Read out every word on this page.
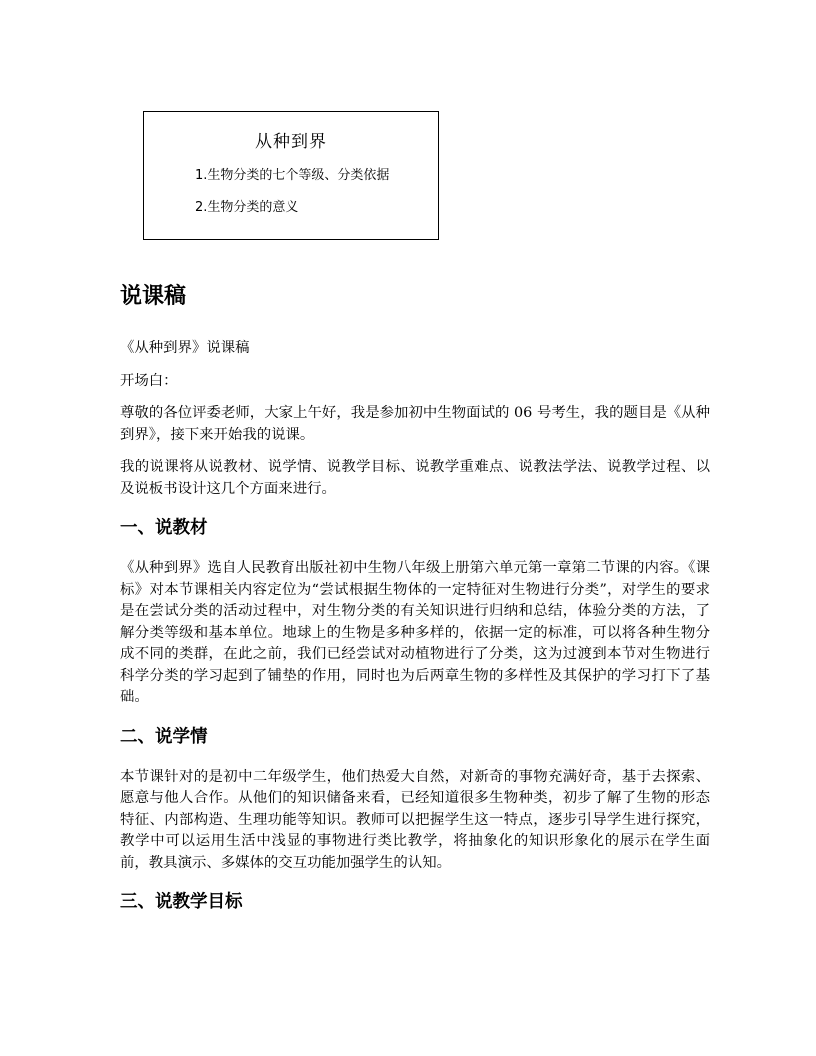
从种到界
1.生物分类的七个等级、分类依据
2.生物分类的意义
说课稿

《从种到界》说课稿

开场白：

尊敬的各位评委老师，大家上午好，我是参加初中生物面试的 06 号考生，我的题目是《从种到界》，接下来开始我的说课。

我的说课将从说教材、说学情、说教学目标、说教学重难点、说教法学法、说教学过程、以及说板书设计这几个方面来进行。

一、说教材

《从种到界》选自人民教育出版社初中生物八年级上册第六单元第一章第二节课的内容。《课标》对本节课相关内容定位为“尝试根据生物体的一定特征对生物进行分类”，对学生的要求是在尝试分类的活动过程中，对生物分类的有关知识进行归纳和总结，体验分类的方法，了解分类等级和基本单位。地球上的生物是多种多样的，依据一定的标准，可以将各种生物分成不同的类群，在此之前，我们已经尝试对动植物进行了分类，这为过渡到本节对生物进行科学分类的学习起到了铺垫的作用，同时也为后两章生物的多样性及其保护的学习打下了基础。

二、说学情

本节课针对的是初中二年级学生，他们热爱大自然，对新奇的事物充满好奇，基于去探索、愿意与他人合作。从他们的知识储备来看，已经知道很多生物种类，初步了解了生物的形态特征、内部构造、生理功能等知识。教师可以把握学生这一特点，逐步引导学生进行探究，教学中可以运用生活中浅显的事物进行类比教学，将抽象化的知识形象化的展示在学生面前，教具演示、多媒体的交互功能加强学生的认知。

三、说教学目标
